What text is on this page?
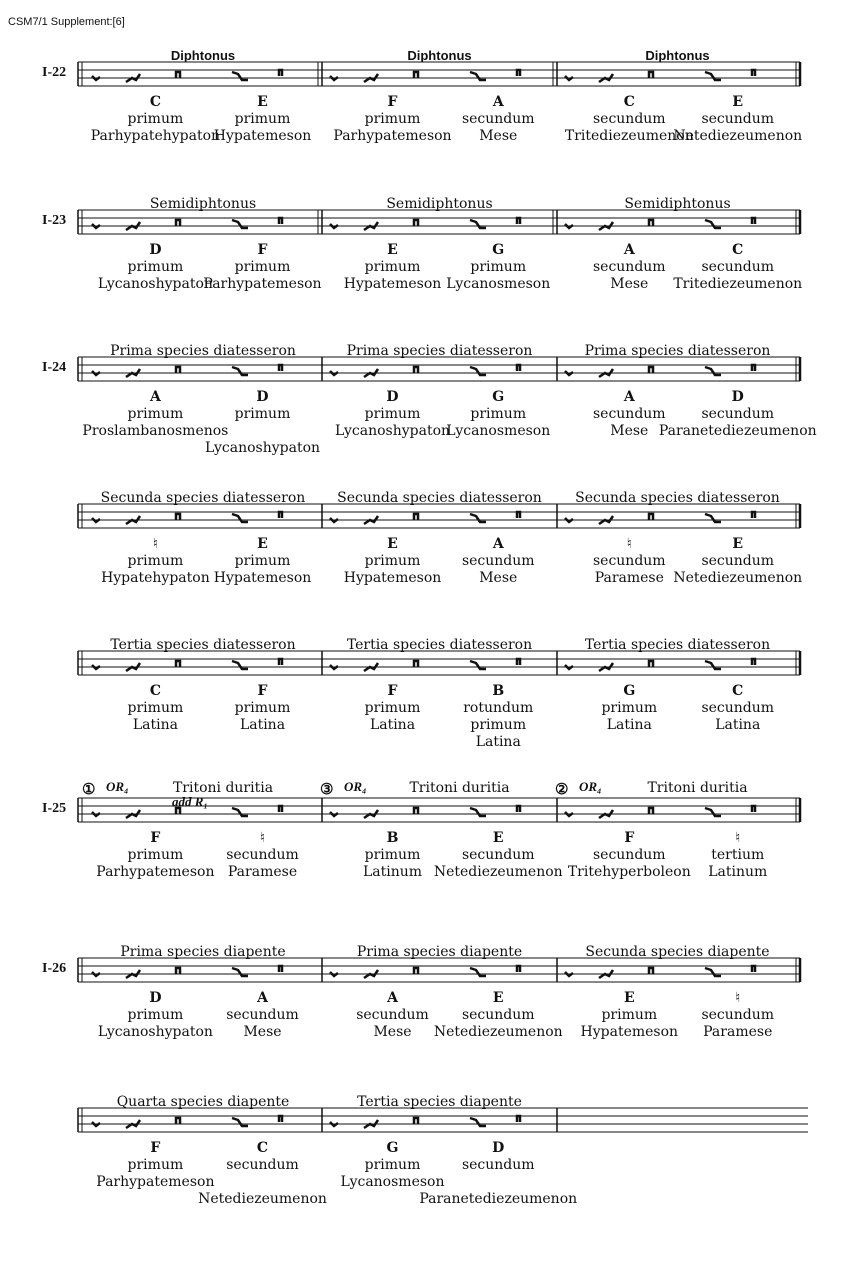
CSM7/1 Supplement:[6]
I-22
Diphtonus
C
primum
Parhypatehypaton
E
primum
Hypatemeson
Diphtonus
F
primum
Parhypatemeson
A
secundum
Mese
Diphtonus
C
secundum
Tritediezeumenon
E
secundum
Netediezeumenon
I-23
Semidiphtonus
D
primum
Lycanoshypaton
F
primum
Parhypatemeson
Semidiphtonus
E
primum
Hypatemeson
G
primum
Lycanosmeson
Semidiphtonus
A
secundum
Mese
C
secundum
Tritediezeumenon
I-24
Prima species diatesseron
A
primum
Proslambanosmenos
D
primum

Lycanoshypaton
Prima species diatesseron
D
primum
Lycanoshypaton
G
primum
Lycanosmeson
Prima species diatesseron
A
secundum
Mese
D
secundum
Paranetediezeumenon
Secunda species diatesseron
♮
primum
Hypatehypaton
E
primum
Hypatemeson
Secunda species diatesseron
E
primum
Hypatemeson
A
secundum
Mese
Secunda species diatesseron
♮
secundum
Paramese
E
secundum
Netediezeumenon
Tertia species diatesseron
C
primum
Latina
F
primum
Latina
Tertia species diatesseron
F
primum
Latina
B
rotundum
primum
Latina
Tertia species diatesseron
G
primum
Latina
C
secundum
Latina
I-25
Tritoni duritia
① OR₄
add R₁
F
primum
Parhypatemeson
♮
secundum
Paramese
Tritoni duritia
③ OR₄
B
primum
Latinum
E
secundum
Netediezeumenon
Tritoni duritia
② OR₄
F
secundum
Tritehyperboleon
♮
tertium
Latinum
I-26
Prima species diapente
D
primum
Lycanoshypaton
A
secundum
Mese
Prima species diapente
A
secundum
Mese
E
secundum
Netediezeumenon
Secunda species diapente
E
primum
Hypatemeson
♮
secundum
Paramese
Quarta species diapente
F
primum
Parhypatemeson
C
secundum

Netediezeumenon
Tertia species diapente
G
primum
Lycanosmeson
D
secundum

Paranetediezeumenon
